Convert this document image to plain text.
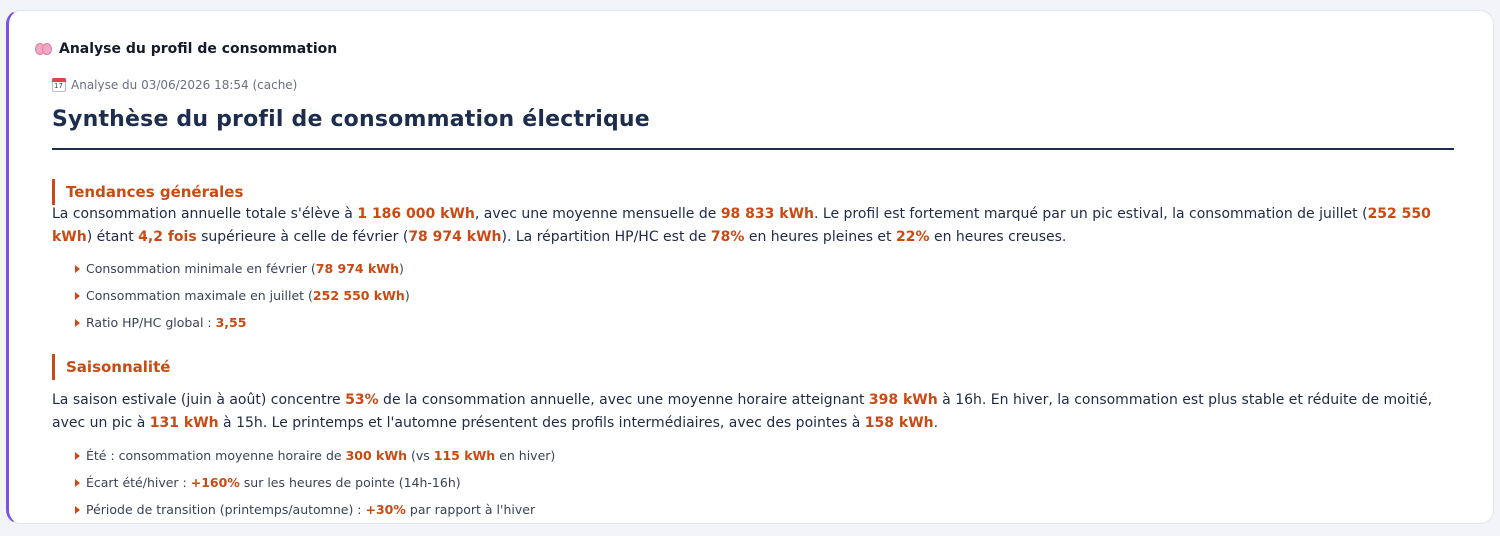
Analyse du profil de consommation
17
Analyse du 03/06/2026 18:54 (cache)
Synthèse du profil de consommation électrique
Tendances générales

La consommation annuelle totale s'élève à 1 186 000 kWh, avec une moyenne mensuelle de 98 833 kWh. Le profil est fortement marqué par un pic estival, la consommation de juillet (252 550 kWh) étant 4,2 fois supérieure à celle de février (78 974 kWh). La répartition HP/HC est de 78% en heures pleines et 22% en heures creuses.

Consommation minimale en février (78 974 kWh)
Consommation maximale en juillet (252 550 kWh)
Ratio HP/HC global : 3,55
Saisonnalité

La saison estivale (juin à août) concentre 53% de la consommation annuelle, avec une moyenne horaire atteignant 398 kWh à 16h. En hiver, la consommation est plus stable et réduite de moitié, avec un pic à 131 kWh à 15h. Le printemps et l'automne présentent des profils intermédiaires, avec des pointes à 158 kWh.

Été : consommation moyenne horaire de 300 kWh (vs 115 kWh en hiver)
Écart été/hiver : +160% sur les heures de pointe (14h-16h)
Période de transition (printemps/automne) : +30% par rapport à l'hiver
